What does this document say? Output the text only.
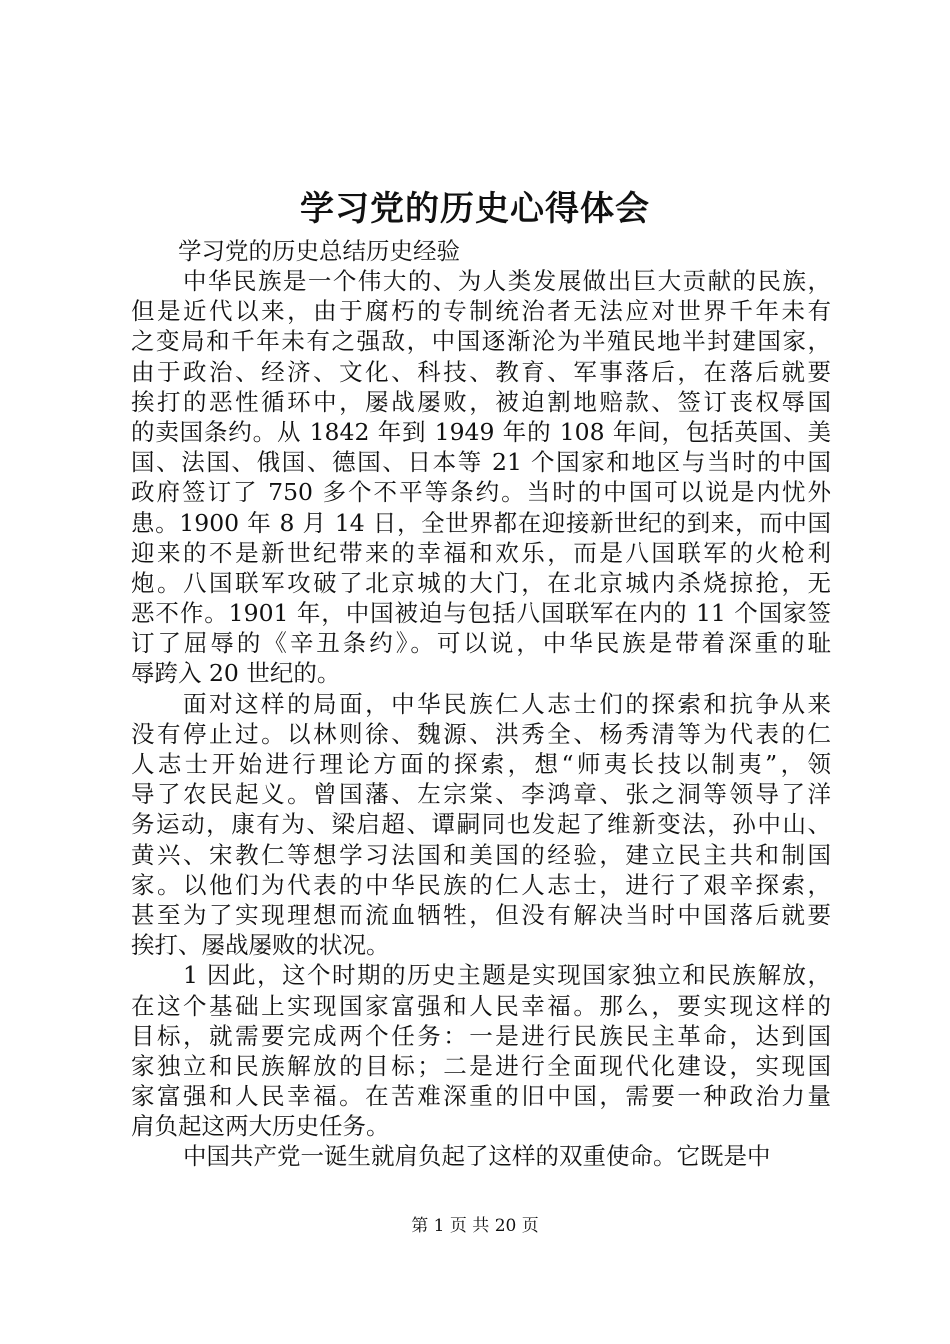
学习党的历史心得体会
学习党的历史总结历史经验
中华民族是一个伟大的、为人类发展做出巨大贡献的民族，
但是近代以来，由于腐朽的专制统治者无法应对世界千年未有
之变局和千年未有之强敌，中国逐渐沦为半殖民地半封建国家，
由于政治、经济、文化、科技、教育、军事落后，在落后就要
挨打的恶性循环中，屡战屡败，被迫割地赔款、签订丧权辱国
的卖国条约。从 1842 年到 1949 年的 108 年间，包括英国、美
国、法国、俄国、德国、日本等 21 个国家和地区与当时的中国
政府签订了 750 多个不平等条约。当时的中国可以说是内忧外
患。1900 年 8 月 14 日，全世界都在迎接新世纪的到来，而中国
迎来的不是新世纪带来的幸福和欢乐，而是八国联军的火枪利
炮。八国联军攻破了北京城的大门，在北京城内杀烧掠抢，无
恶不作。1901 年，中国被迫与包括八国联军在内的 11 个国家签
订了屈辱的《辛丑条约》。可以说，中华民族是带着深重的耻
辱跨入 20 世纪的。
面对这样的局面，中华民族仁人志士们的探索和抗争从来
没有停止过。以林则徐、魏源、洪秀全、杨秀清等为代表的仁
人志士开始进行理论方面的探索，想“师夷长技以制夷”，领
导了农民起义。曾国藩、左宗棠、李鸿章、张之洞等领导了洋
务运动，康有为、梁启超、谭嗣同也发起了维新变法，孙中山、
黄兴、宋教仁等想学习法国和美国的经验，建立民主共和制国
家。以他们为代表的中华民族的仁人志士，进行了艰辛探索，
甚至为了实现理想而流血牺牲，但没有解决当时中国落后就要
挨打、屡战屡败的状况。
1 因此，这个时期的历史主题是实现国家独立和民族解放，
在这个基础上实现国家富强和人民幸福。那么，要实现这样的
目标，就需要完成两个任务：一是进行民族民主革命，达到国
家独立和民族解放的目标；二是进行全面现代化建设，实现国
家富强和人民幸福。在苦难深重的旧中国，需要一种政治力量
肩负起这两大历史任务。
中国共产党一诞生就肩负起了这样的双重使命。它既是中
第 1 页 共 20 页
